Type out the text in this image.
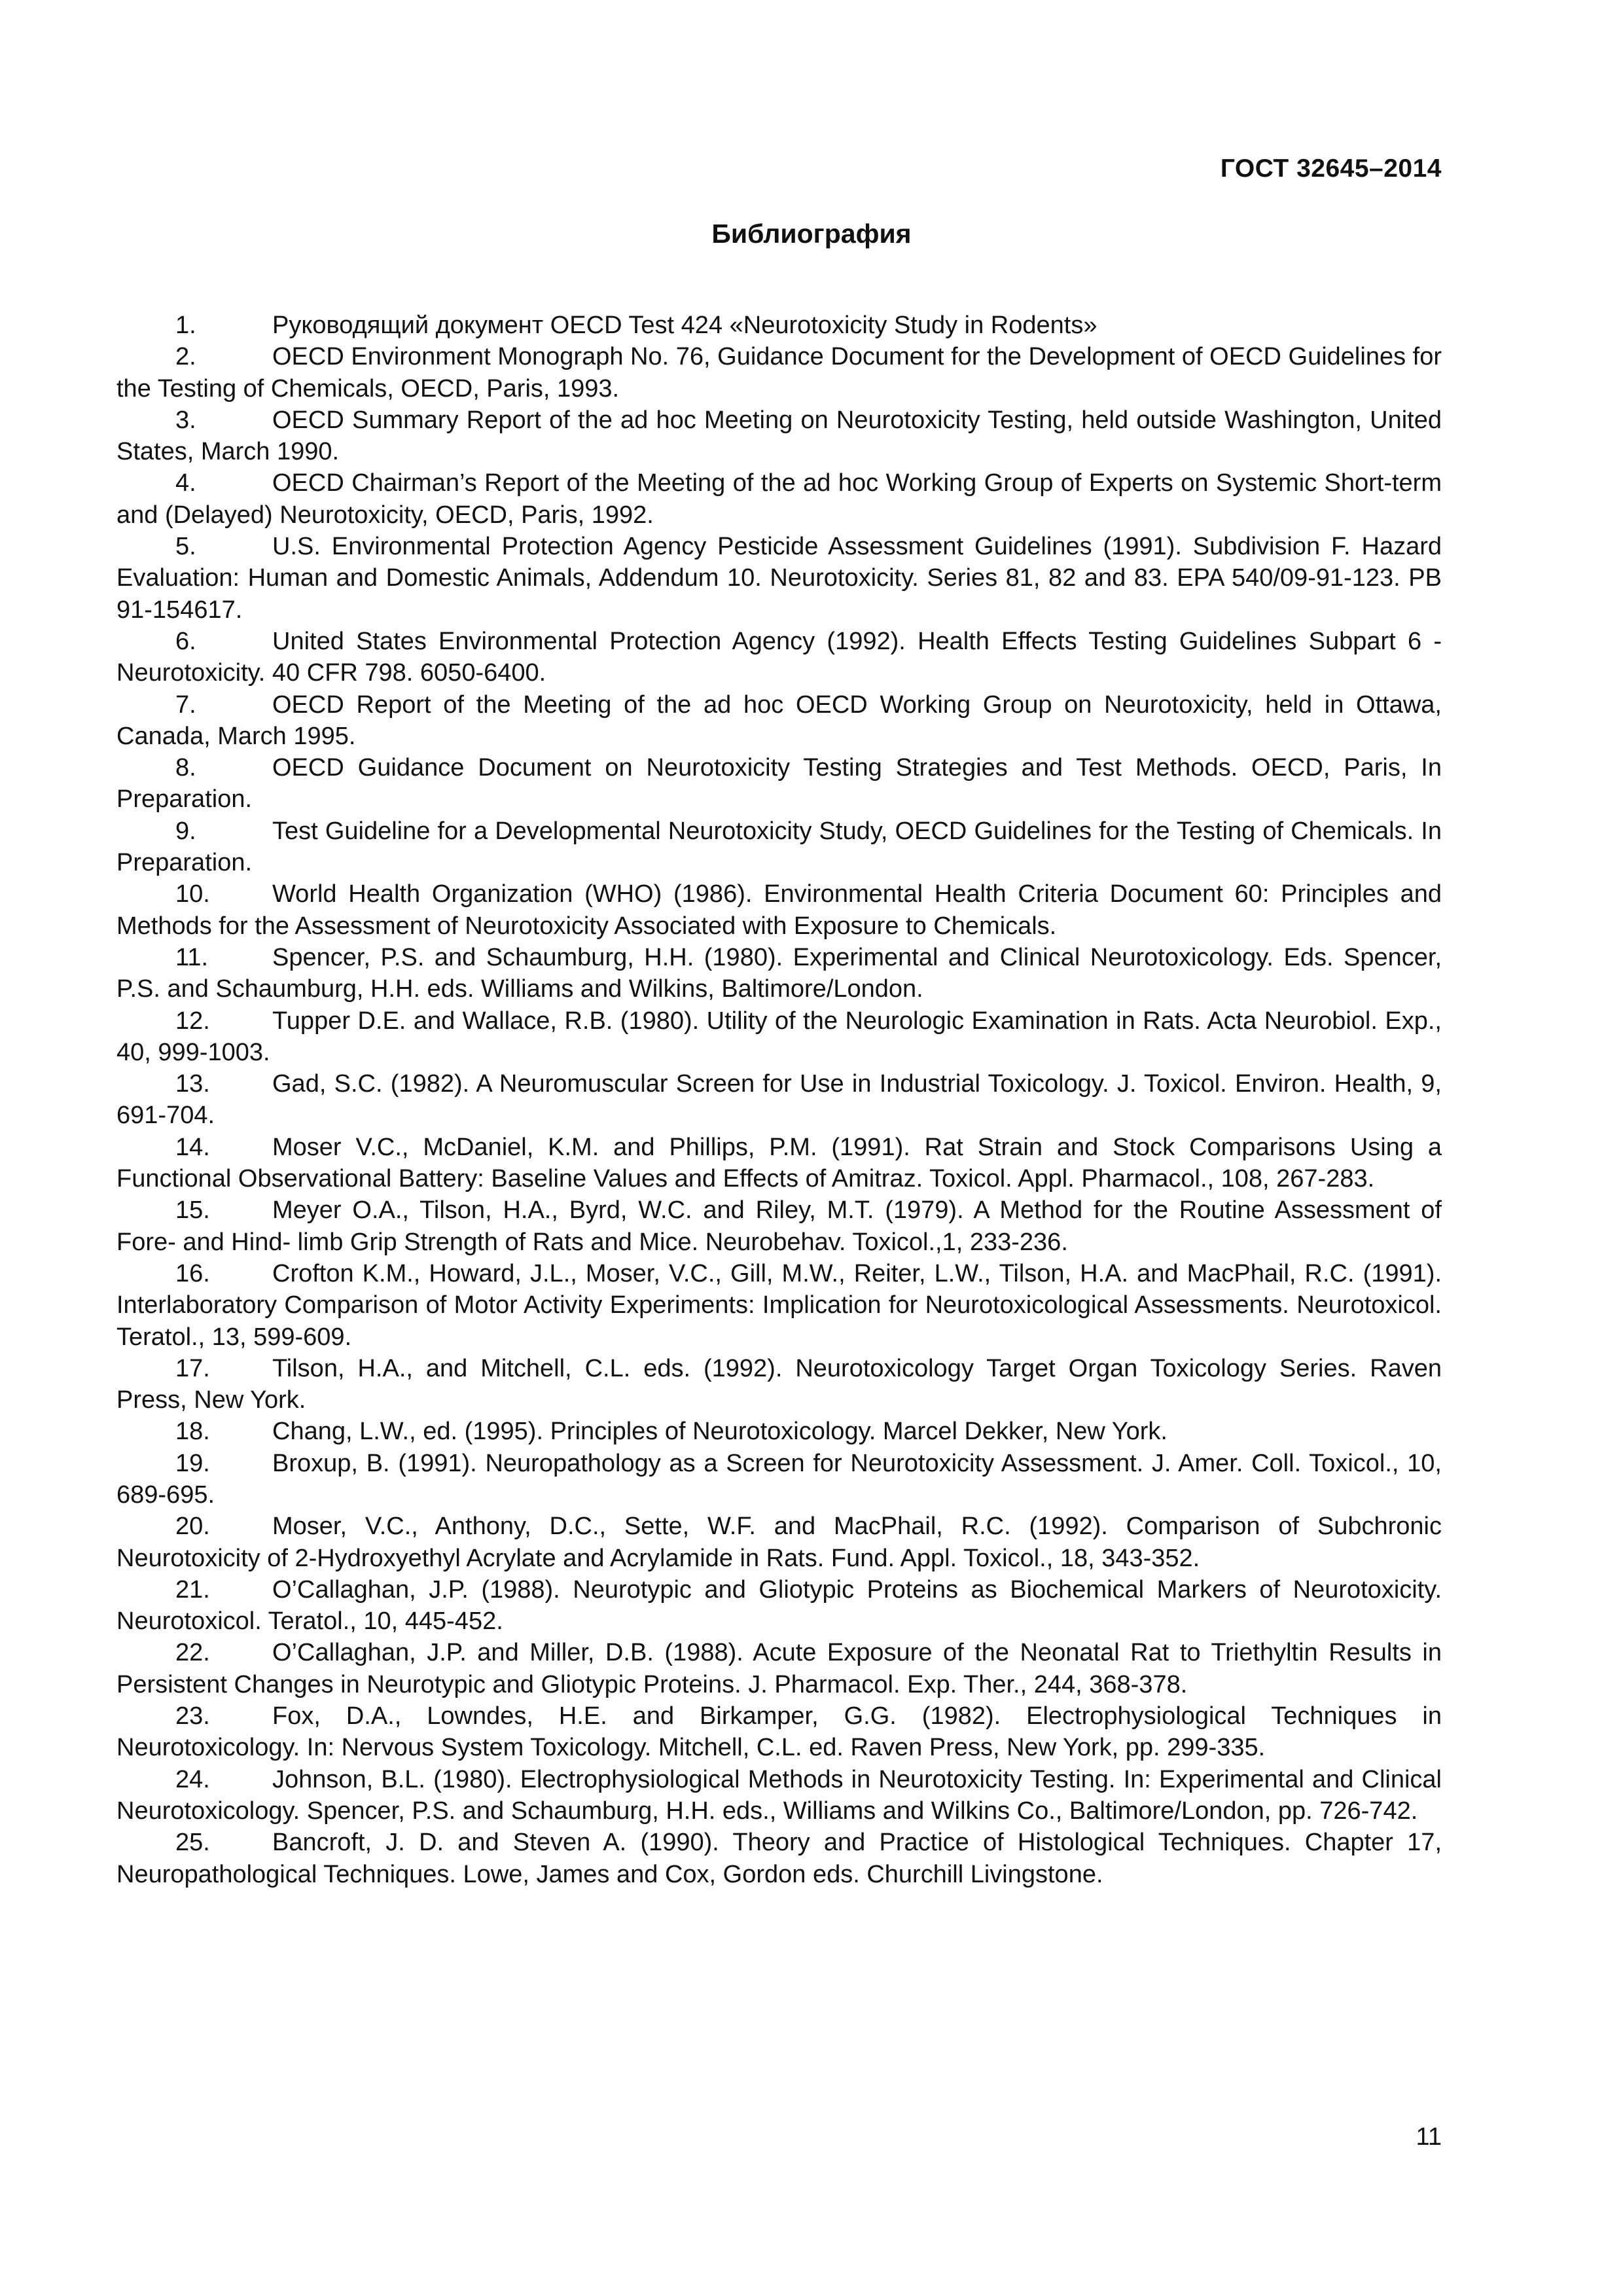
ГОСТ 32645–2014
Библиография
1.	Руководящий документ OECD Test 424 «Neurotoxicity Study in Rodents»
2.	OECD Environment Monograph No. 76, Guidance Document for the Development of OECD Guidelines for the Testing of Chemicals, OECD, Paris, 1993.
3.	OECD Summary Report of the ad hoc Meeting on Neurotoxicity Testing, held outside Washington, United States, March 1990.
4.	OECD Chairman’s Report of the Meeting of the ad hoc Working Group of Experts on Systemic Short-term and (Delayed) Neurotoxicity, OECD, Paris, 1992.
5.	U.S. Environmental Protection Agency Pesticide Assessment Guidelines (1991). Subdivision F. Hazard Evaluation: Human and Domestic Animals, Addendum 10. Neurotoxicity. Series 81, 82 and 83. EPA 540/09-91-123. PB 91-154617.
6.	United States Environmental Protection Agency (1992). Health Effects Testing Guidelines Subpart 6 - Neurotoxicity. 40 CFR 798. 6050-6400.
7.	OECD Report of the Meeting of the ad hoc OECD Working Group on Neurotoxicity, held in Ottawa, Canada, March 1995.
8.	OECD Guidance Document on Neurotoxicity Testing Strategies and Test Methods. OECD, Paris, In Preparation.
9.	Test Guideline for a Developmental Neurotoxicity Study, OECD Guidelines for the Testing of Chemicals. In Preparation.
10.	World Health Organization (WHO) (1986). Environmental Health Criteria Document 60: Principles and Methods for the Assessment of Neurotoxicity Associated with Exposure to Chemicals.
11.	Spencer, P.S. and Schaumburg, H.H. (1980). Experimental and Clinical Neurotoxicology. Eds. Spencer, P.S. and Schaumburg, H.H. eds. Williams and Wilkins, Baltimore/London.
12.	Tupper D.E. and Wallace, R.B. (1980). Utility of the Neurologic Examination in Rats. Acta Neurobiol. Exp., 40, 999-1003.
13.	Gad, S.C. (1982). A Neuromuscular Screen for Use in Industrial Toxicology. J. Toxicol. Environ. Health, 9, 691-704.
14.	Moser V.C., McDaniel, K.M. and Phillips, P.M. (1991). Rat Strain and Stock Comparisons Using a Functional Observational Battery: Baseline Values and Effects of Amitraz. Toxicol. Appl. Pharmacol., 108, 267-283.
15.	Meyer O.A., Tilson, H.A., Byrd, W.C. and Riley, M.T. (1979). A Method for the Routine Assessment of Fore- and Hind- limb Grip Strength of Rats and Mice. Neurobehav. Toxicol.,1, 233-236.
16.	Crofton K.M., Howard, J.L., Moser, V.C., Gill, M.W., Reiter, L.W., Tilson, H.A. and MacPhail, R.C. (1991). Interlaboratory Comparison of Motor Activity Experiments: Implication for Neurotoxicological Assessments. Neurotoxicol. Teratol., 13, 599-609.
17.	Tilson, H.A., and Mitchell, C.L. eds. (1992). Neurotoxicology Target Organ Toxicology Series. Raven Press, New York.
18.	Chang, L.W., ed. (1995). Principles of Neurotoxicology. Marcel Dekker, New York.
19.	Broxup, B. (1991). Neuropathology as a Screen for Neurotoxicity Assessment. J. Amer. Coll. Toxicol., 10, 689-695.
20.	Moser, V.C., Anthony, D.C., Sette, W.F. and MacPhail, R.C. (1992). Comparison of Subchronic Neurotoxicity of 2-Hydroxyethyl Acrylate and Acrylamide in Rats. Fund. Appl. Toxicol., 18, 343-352.
21.	O’Callaghan, J.P. (1988). Neurotypic and Gliotypic Proteins as Biochemical Markers of Neurotoxicity. Neurotoxicol. Teratol., 10, 445-452.
22.	O’Callaghan, J.P. and Miller, D.B. (1988). Acute Exposure of the Neonatal Rat to Triethyltin Results in Persistent Changes in Neurotypic and Gliotypic Proteins. J. Pharmacol. Exp. Ther., 244, 368-378.
23.	Fox, D.A., Lowndes, H.E. and Birkamper, G.G. (1982). Electrophysiological Techniques in Neurotoxicology. In: Nervous System Toxicology. Mitchell, C.L. ed. Raven Press, New York, pp. 299-335.
24.	Johnson, B.L. (1980). Electrophysiological Methods in Neurotoxicity Testing. In: Experimental and Clinical Neurotoxicology. Spencer, P.S. and Schaumburg, H.H. eds., Williams and Wilkins Co., Baltimore/London, pp. 726-742.
25.	Bancroft, J. D. and Steven A. (1990). Theory and Practice of Histological Techniques. Chapter 17, Neuropathological Techniques. Lowe, James and Cox, Gordon eds. Churchill Livingstone.
11
